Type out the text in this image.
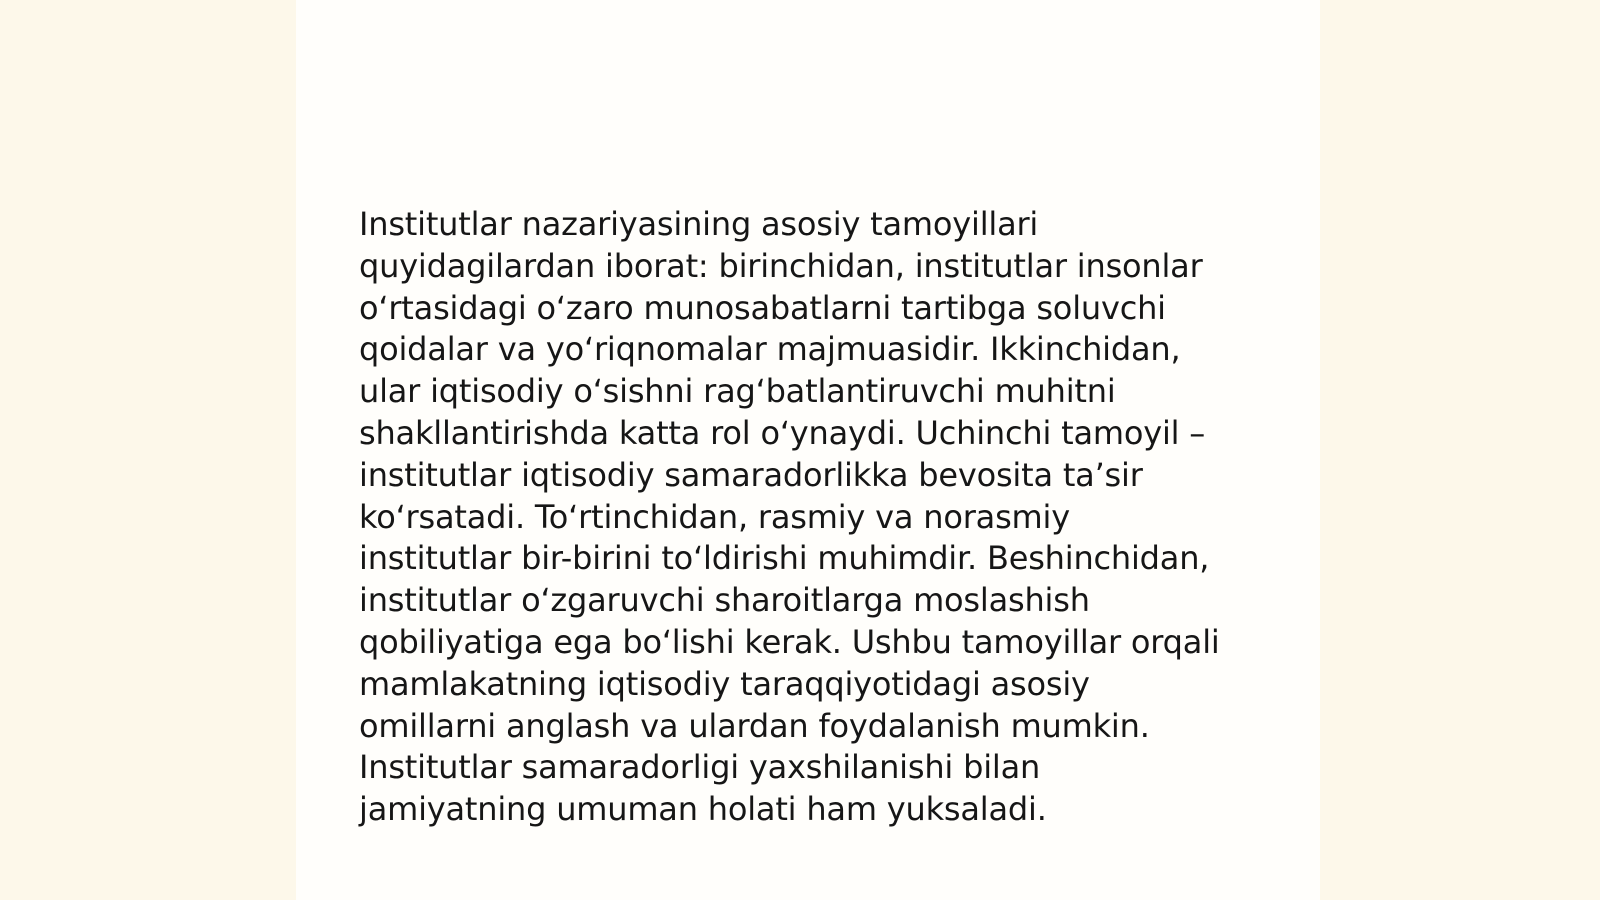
Institutlar nazariyasining asosiy tamoyillari
quyidagilardan iborat: birinchidan, institutlar insonlar
o‘rtasidagi o‘zaro munosabatlarni tartibga soluvchi
qoidalar va yo‘riqnomalar majmuasidir. Ikkinchidan,
ular iqtisodiy o‘sishni rag‘batlantiruvchi muhitni
shakllantirishda katta rol o‘ynaydi. Uchinchi tamoyil –
institutlar iqtisodiy samaradorlikka bevosita ta’sir
ko‘rsatadi. To‘rtinchidan, rasmiy va norasmiy
institutlar bir-birini to‘ldirishi muhimdir. Beshinchidan,
institutlar o‘zgaruvchi sharoitlarga moslashish
qobiliyatiga ega bo‘lishi kerak. Ushbu tamoyillar orqali
mamlakatning iqtisodiy taraqqiyotidagi asosiy
omillarni anglash va ulardan foydalanish mumkin.
Institutlar samaradorligi yaxshilanishi bilan
jamiyatning umuman holati ham yuksaladi.
